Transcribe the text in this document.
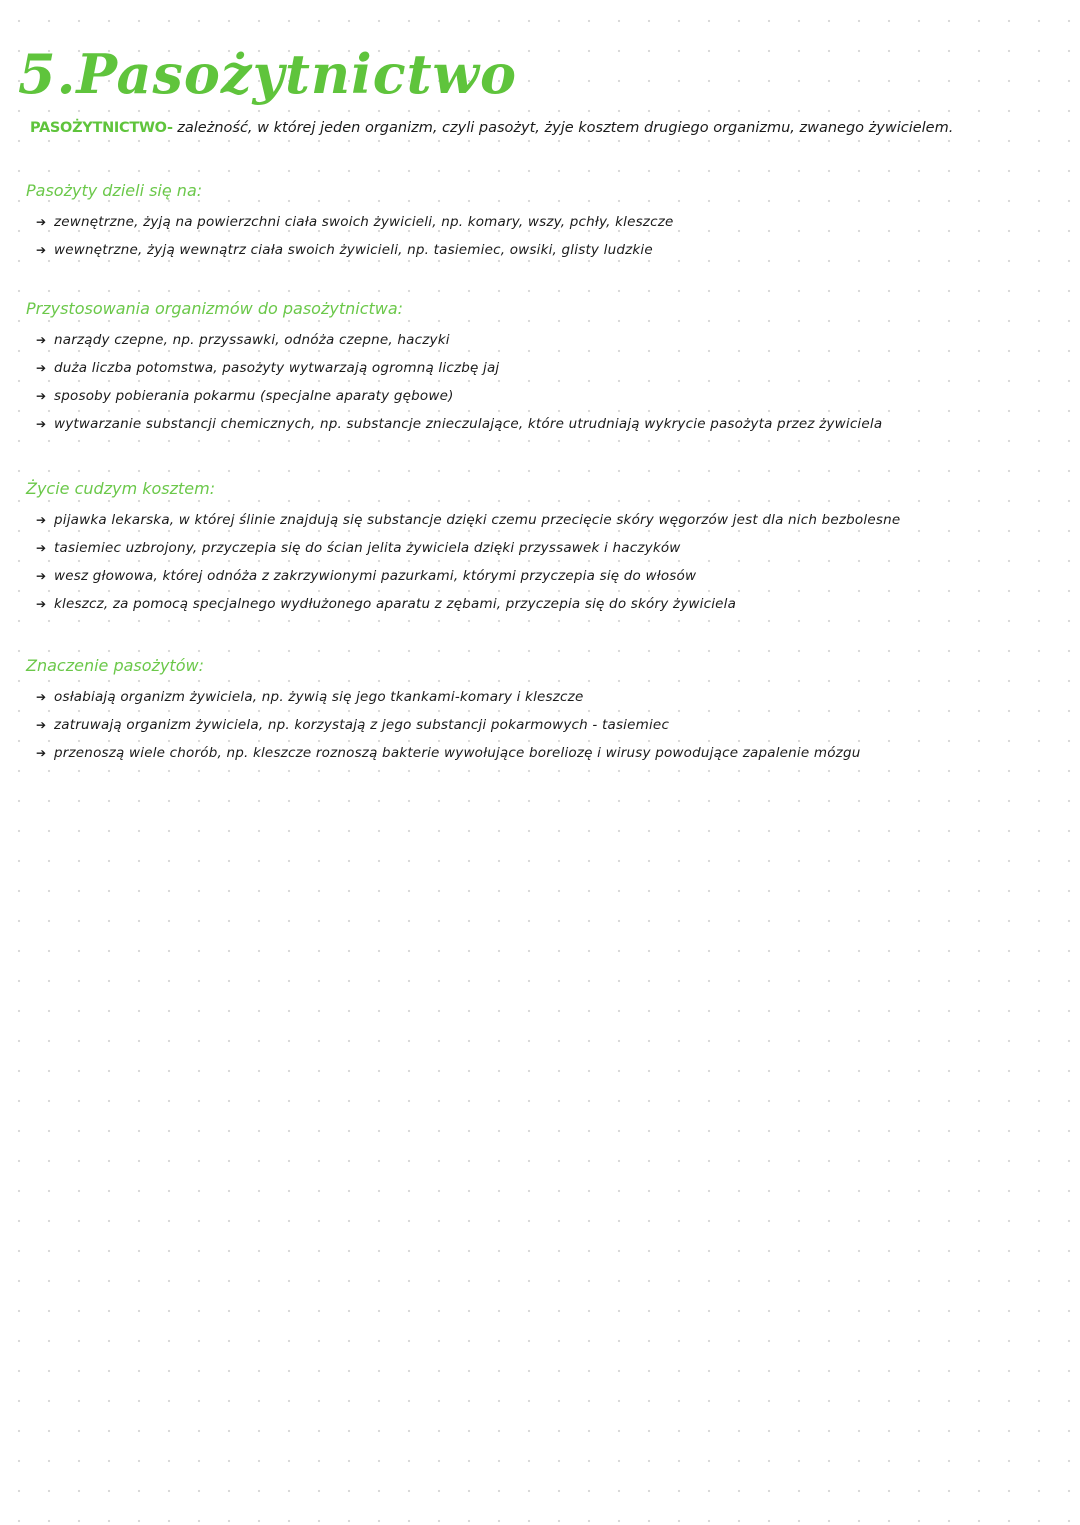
5.Pasożytnictwo
PASOŻYTNICTWO- zależność, w której jeden organizm, czyli pasożyt, żyje kosztem drugiego organizmu, zwanego żywicielem.
Pasożyty dzieli się na:
➔ zewnętrzne, żyją na powierzchni ciała swoich żywicieli, np. komary, wszy, pchły, kleszcze
➔ wewnętrzne, żyją wewnątrz ciała swoich żywicieli, np. tasiemiec, owsiki, glisty ludzkie
Przystosowania organizmów do pasożytnictwa:
➔ narządy czepne, np. przyssawki, odnóża czepne, haczyki
➔ duża liczba potomstwa, pasożyty wytwarzają ogromną liczbę jaj
➔ sposoby pobierania pokarmu (specjalne aparaty gębowe)
➔ wytwarzanie substancji chemicznych, np. substancje znieczulające, które utrudniają wykrycie pasożyta przez żywiciela
Życie cudzym kosztem:
➔ pijawka lekarska, w której ślinie znajdują się substancje dzięki czemu przecięcie skóry węgorzów jest dla nich bezbolesne
➔ tasiemiec uzbrojony, przyczepia się do ścian jelita żywiciela dzięki przyssawek i haczyków
➔ wesz głowowa, której odnóża z zakrzywionymi pazurkami, którymi przyczepia się do włosów
➔ kleszcz, za pomocą specjalnego wydłużonego aparatu z zębami, przyczepia się do skóry żywiciela
Znaczenie pasożytów:
➔ osłabiają organizm żywiciela, np. żywią się jego tkankami-komary i kleszcze
➔ zatruwają organizm żywiciela, np. korzystają z jego substancji pokarmowych - tasiemiec
➔ przenoszą wiele chorób, np. kleszcze roznoszą bakterie wywołujące boreliozę i wirusy powodujące zapalenie mózgu
